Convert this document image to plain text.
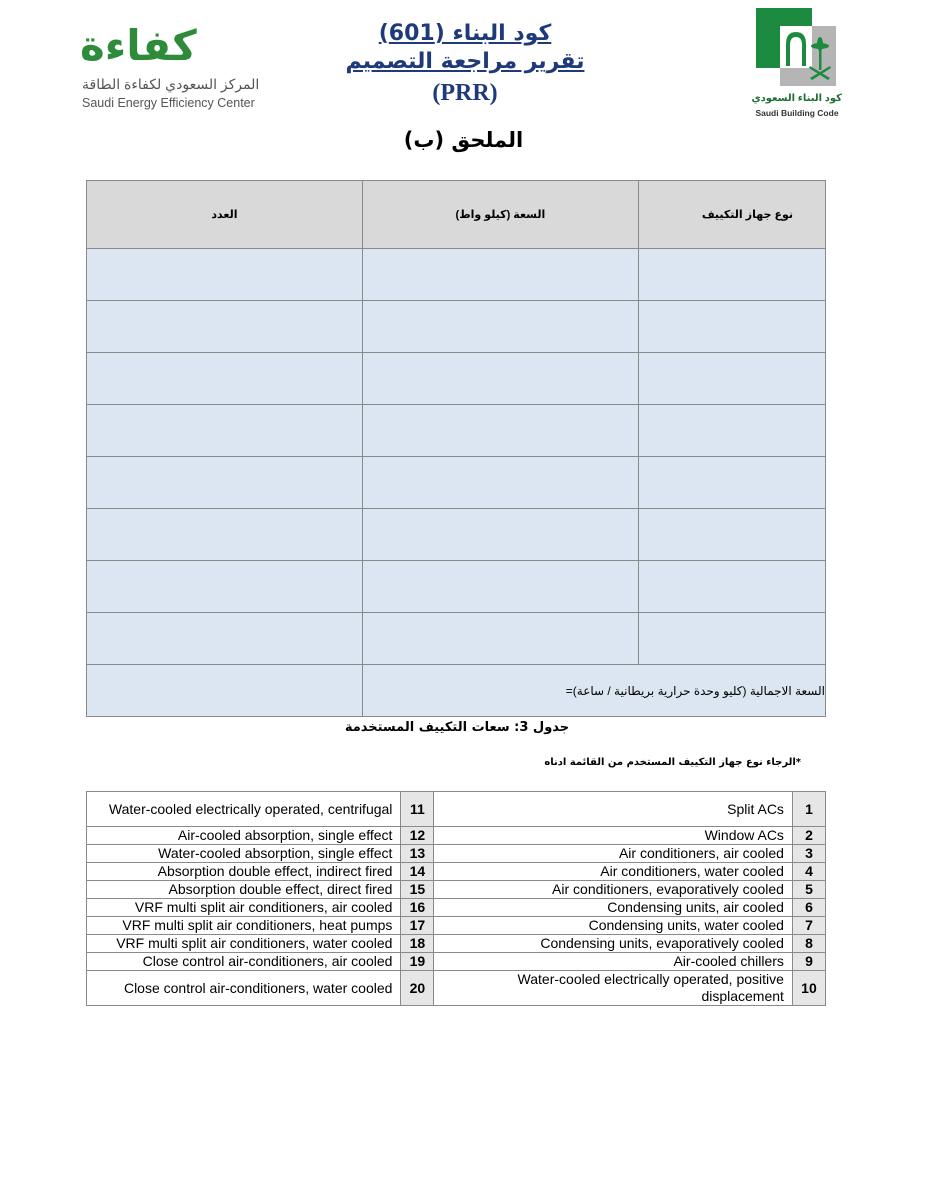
كفاءة
المركز السعودي لكفاءة الطاقة
Saudi Energy Efficiency Center
كود البناء (601)
تقرير مراجعة التصميم
(PRR)	كود البناء السعودي
Saudi Building Code
الملحق (ب)
العدد	السعة (كيلو واط)	نوع جهاز التكييف

	السعة الاجمالية (كليو وحدة حرارية بريطانية / ساعة)=	
جدول 3: سعات التكييف المستخدمة
*الرجاء نوع جهاز التكييف المستخدم من القائمة ادناه
Water-cooled electrically operated, centrifugal	11	Split ACs	1
Air-cooled absorption, single effect	12	Window ACs	2
Water-cooled absorption, single effect	13	Air conditioners, air cooled	3
Absorption double effect, indirect fired	14	Air conditioners, water cooled	4
Absorption double effect, direct fired	15	Air conditioners, evaporatively cooled	5
VRF multi split air conditioners, air cooled	16	Condensing units, air cooled	6
VRF multi split air conditioners, heat pumps	17	Condensing units, water cooled	7
VRF multi split air conditioners, water cooled	18	Condensing units, evaporatively cooled	8
Close control air-conditioners, air cooled	19	Air-cooled chillers	9
Close control air-conditioners, water cooled	20	Water-cooled electrically operated, positive displacement	10
